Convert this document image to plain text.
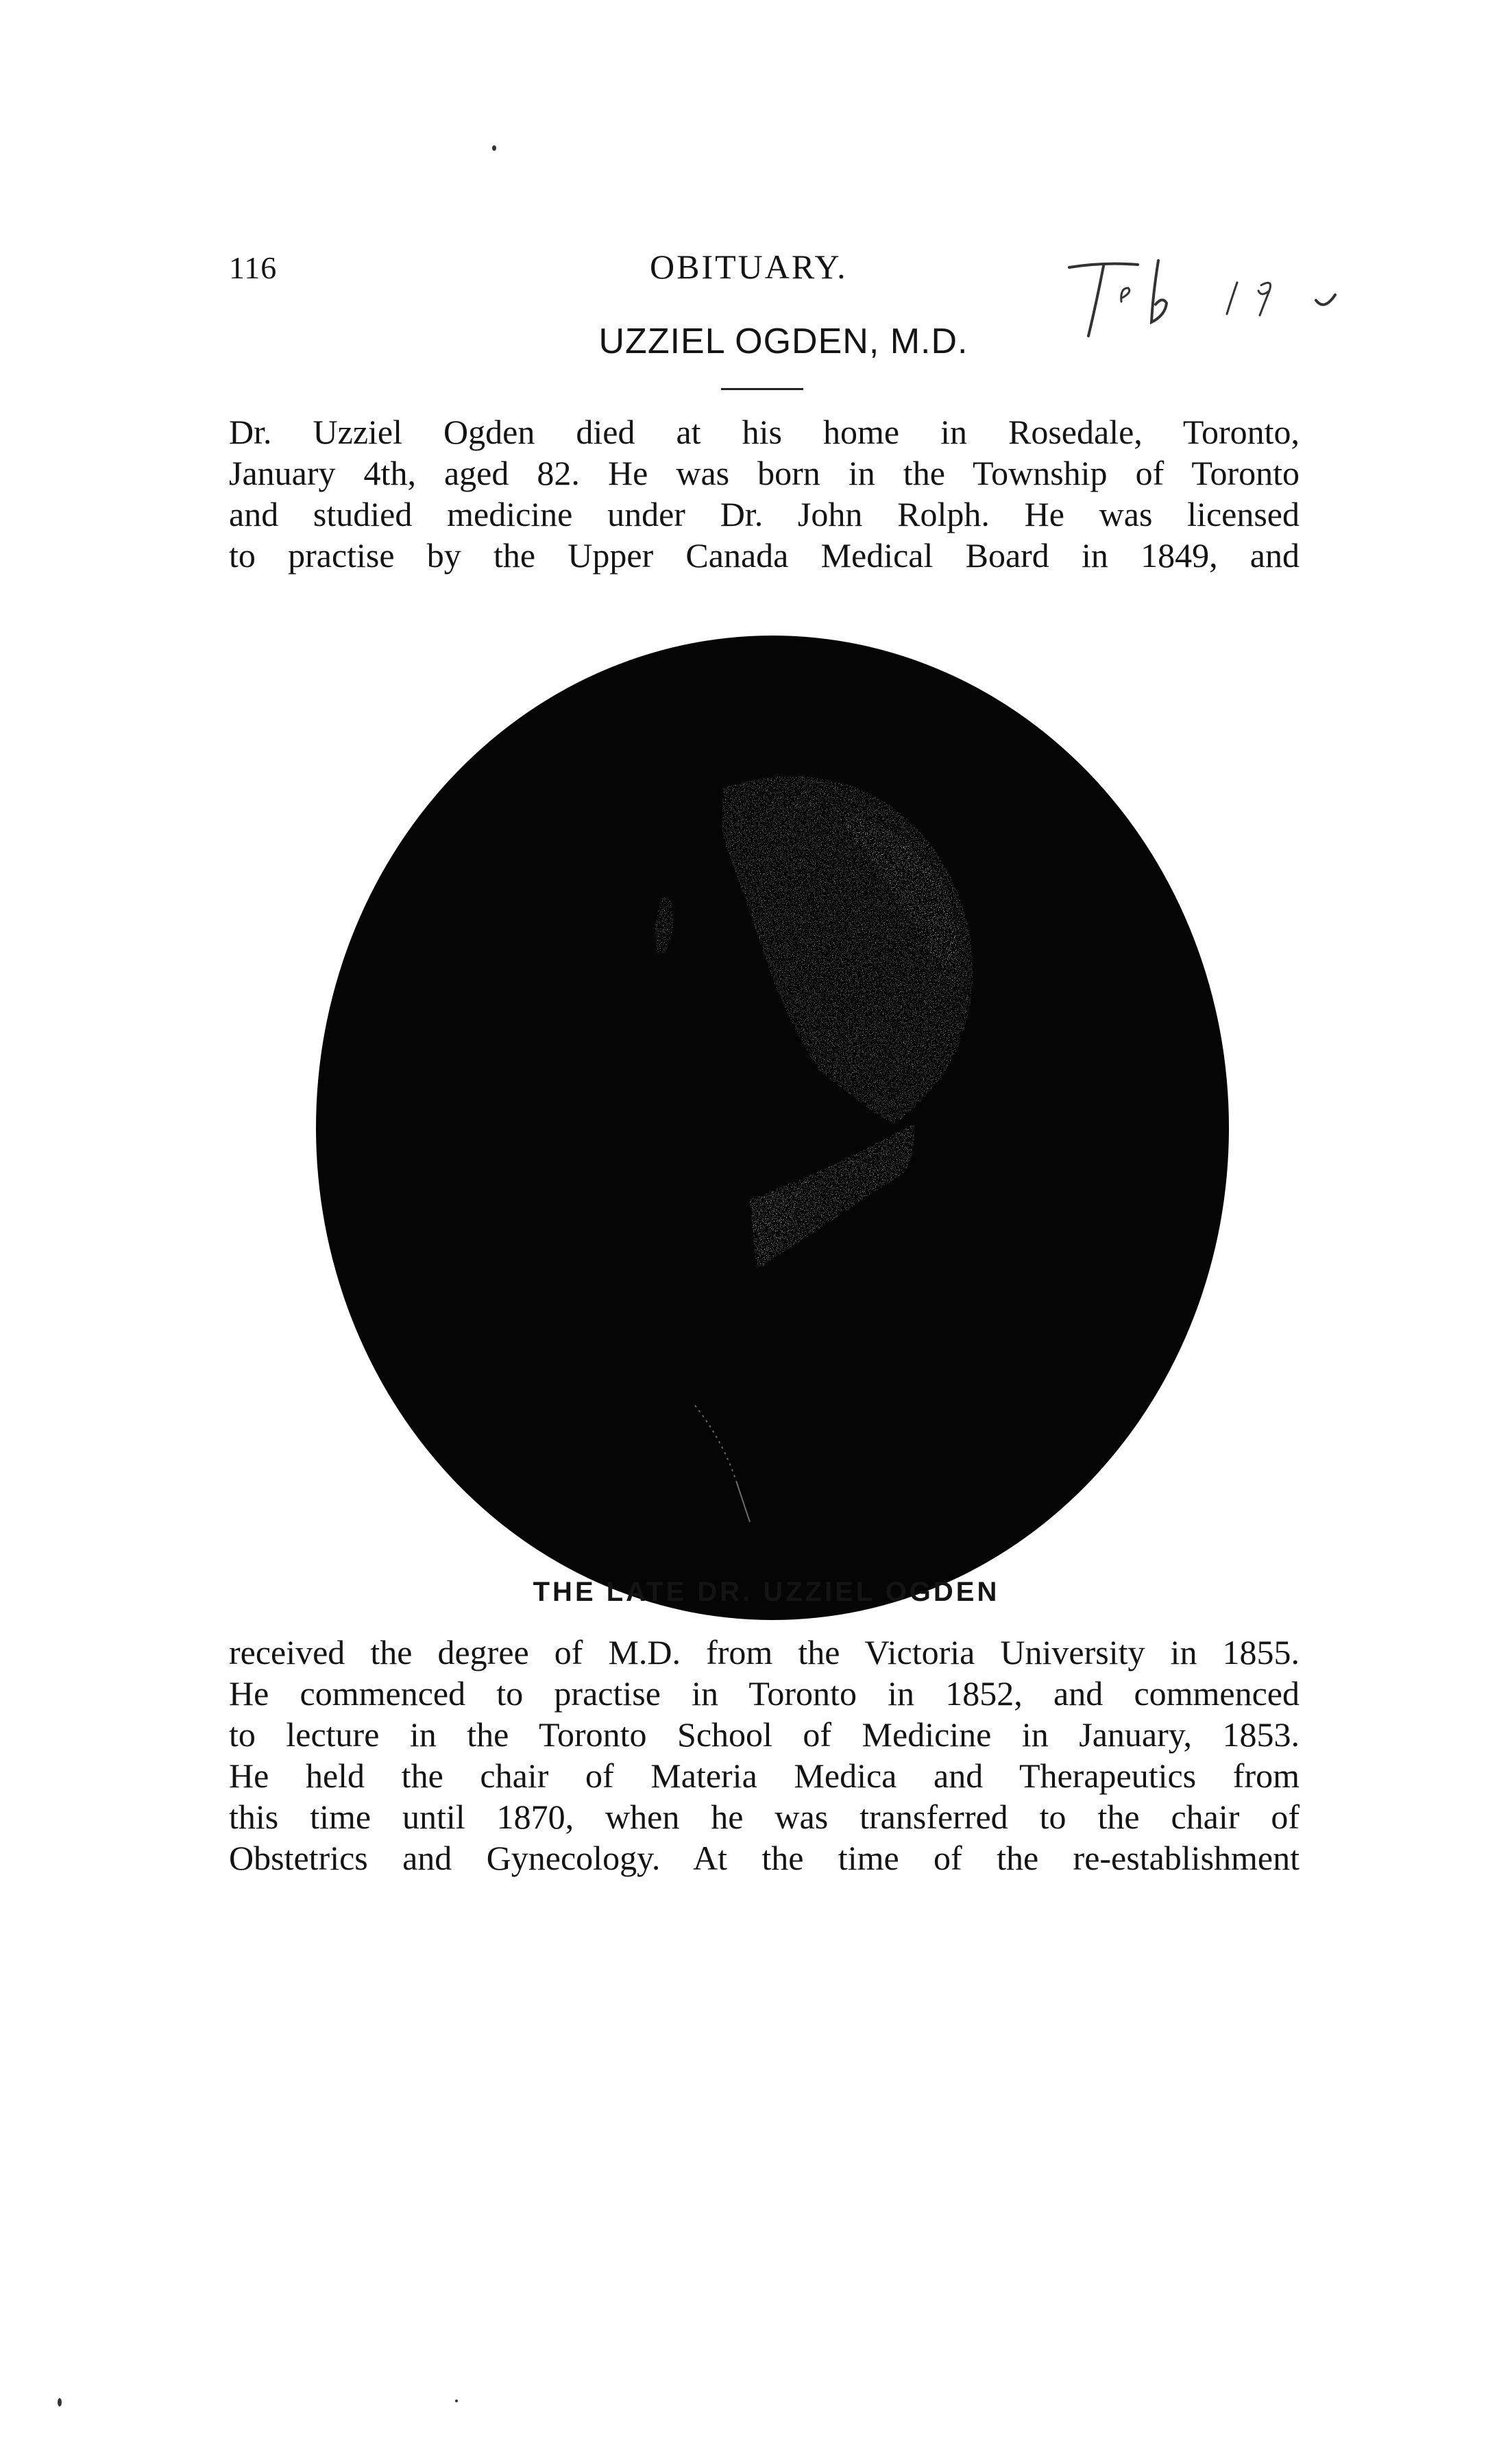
116	OBITUARY.
UZZIEL OGDEN, M.D.
Dr. Uzziel Ogden died at his home in Rosedale, Toronto,
January 4th, aged 82. He was born in the Township of Toronto
and studied medicine under Dr. John Rolph. He was licensed
to practise by the Upper Canada Medical Board in 1849, and
THE LATE DR. UZZIEL OGDEN
received the degree of M.D. from the Victoria University in 1855.
He commenced to practise in Toronto in 1852, and commenced
to lecture in the Toronto School of Medicine in January, 1853.
He held the chair of Materia Medica and Therapeutics from
this time until 1870, when he was transferred to the chair of
Obstetrics and Gynecology. At the time of the re-establishment
